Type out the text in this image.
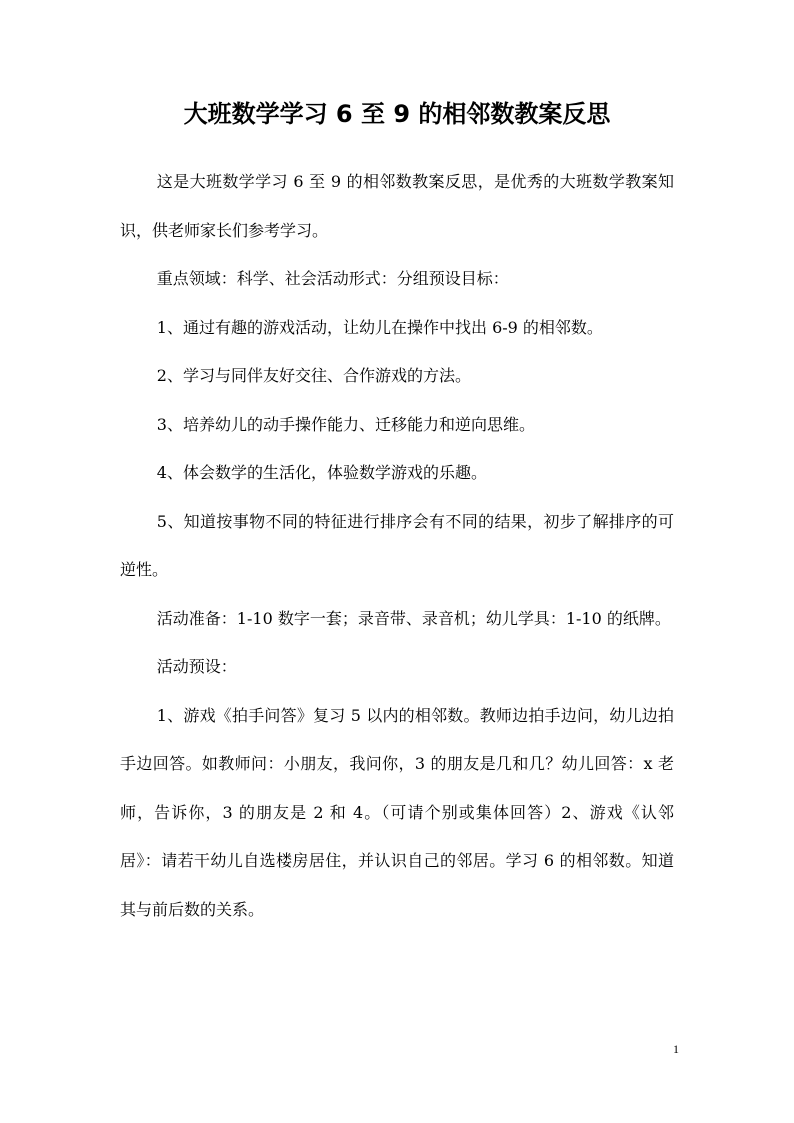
大班数学学习 6 至 9 的相邻数教案反思

这是大班数学学习 6 至 9 的相邻数教案反思，是优秀的大班数学教案知识，供老师家长们参考学习。

重点领域：科学、社会活动形式：分组预设目标：

1、通过有趣的游戏活动，让幼儿在操作中找出 6-9 的相邻数。

2、学习与同伴友好交往、合作游戏的方法。

3、培养幼儿的动手操作能力、迁移能力和逆向思维。

4、体会数学的生活化，体验数学游戏的乐趣。

5、知道按事物不同的特征进行排序会有不同的结果，初步了解排序的可逆性。

活动准备：1-10 数字一套；录音带、录音机；幼儿学具：1-10 的纸牌。

活动预设：

1、游戏《拍手问答》复习 5 以内的相邻数。教师边拍手边问，幼儿边拍手边回答。如教师问：小朋友，我问你，3 的朋友是几和几？幼儿回答：x 老师，告诉你，3 的朋友是 2 和 4。（可请个别或集体回答）2、游戏《认邻居》：请若干幼儿自选楼房居住，并认识自己的邻居。学习 6 的相邻数。知道其与前后数的关系。

1
